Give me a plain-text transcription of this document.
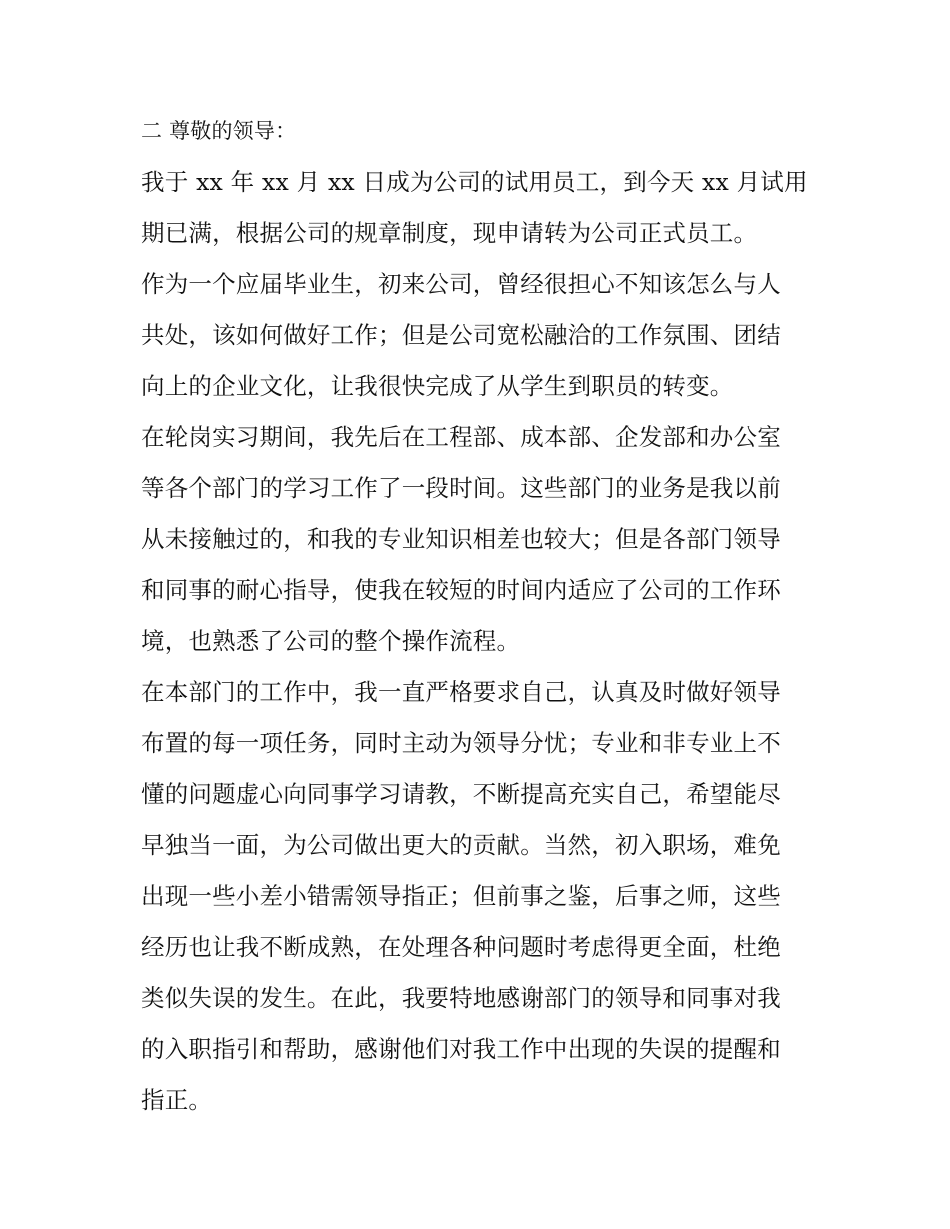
二 尊敬的领导：
我于 xx 年 xx 月 xx 日成为公司的试用员工，到今天 xx 月试用
期已满，根据公司的规章制度，现申请转为公司正式员工。
作为一个应届毕业生，初来公司，曾经很担心不知该怎么与人
共处，该如何做好工作；但是公司宽松融洽的工作氛围、团结
向上的企业文化，让我很快完成了从学生到职员的转变。
在轮岗实习期间，我先后在工程部、成本部、企发部和办公室
等各个部门的学习工作了一段时间。这些部门的业务是我以前
从未接触过的，和我的专业知识相差也较大；但是各部门领导
和同事的耐心指导，使我在较短的时间内适应了公司的工作环
境，也熟悉了公司的整个操作流程。
在本部门的工作中，我一直严格要求自己，认真及时做好领导
布置的每一项任务，同时主动为领导分忧；专业和非专业上不
懂的问题虚心向同事学习请教，不断提高充实自己，希望能尽
早独当一面，为公司做出更大的贡献。当然，初入职场，难免
出现一些小差小错需领导指正；但前事之鉴，后事之师，这些
经历也让我不断成熟，在处理各种问题时考虑得更全面，杜绝
类似失误的发生。在此，我要特地感谢部门的领导和同事对我
的入职指引和帮助，感谢他们对我工作中出现的失误的提醒和
指正。
